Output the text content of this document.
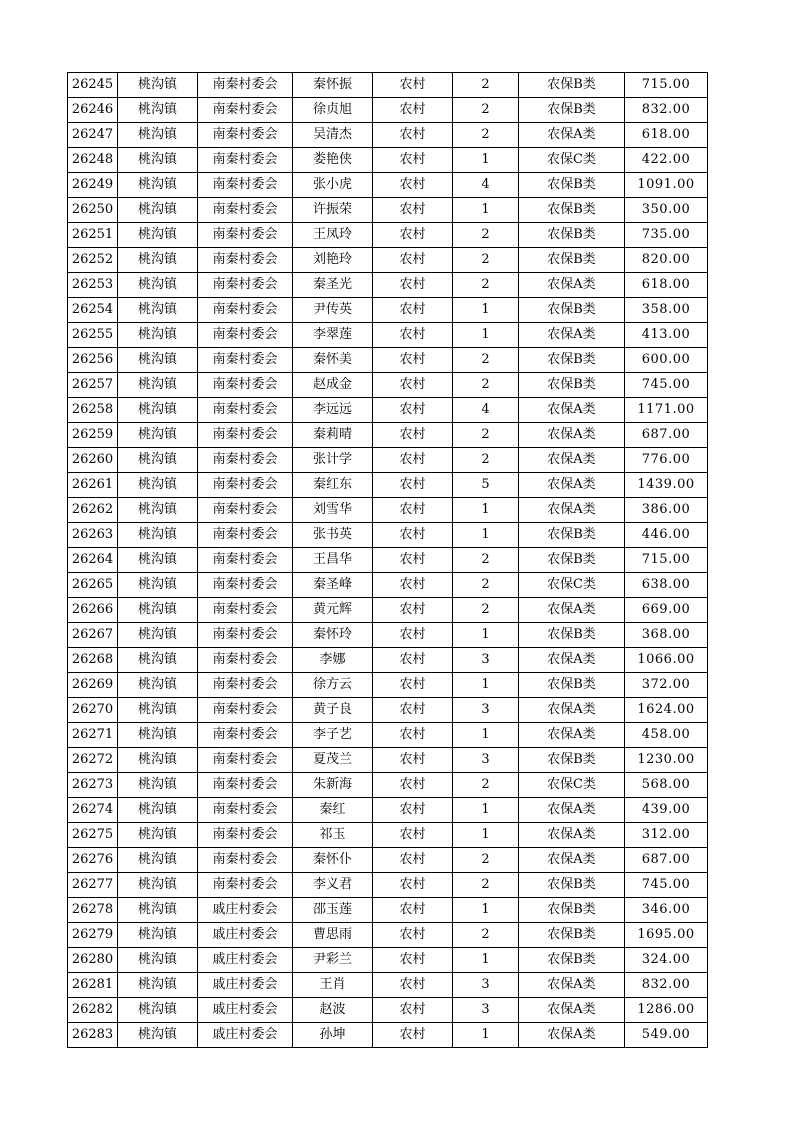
26245	桃沟镇	南秦村委会	秦怀振	农村	2	农保B类	715.00
26246	桃沟镇	南秦村委会	徐贞旭	农村	2	农保B类	832.00
26247	桃沟镇	南秦村委会	吴清杰	农村	2	农保A类	618.00
26248	桃沟镇	南秦村委会	娄艳侠	农村	1	农保C类	422.00
26249	桃沟镇	南秦村委会	张小虎	农村	4	农保B类	1091.00
26250	桃沟镇	南秦村委会	许振荣	农村	1	农保B类	350.00
26251	桃沟镇	南秦村委会	王凤玲	农村	2	农保B类	735.00
26252	桃沟镇	南秦村委会	刘艳玲	农村	2	农保B类	820.00
26253	桃沟镇	南秦村委会	秦圣光	农村	2	农保A类	618.00
26254	桃沟镇	南秦村委会	尹传英	农村	1	农保B类	358.00
26255	桃沟镇	南秦村委会	李翠莲	农村	1	农保A类	413.00
26256	桃沟镇	南秦村委会	秦怀美	农村	2	农保B类	600.00
26257	桃沟镇	南秦村委会	赵成金	农村	2	农保B类	745.00
26258	桃沟镇	南秦村委会	李远远	农村	4	农保A类	1171.00
26259	桃沟镇	南秦村委会	秦莉晴	农村	2	农保A类	687.00
26260	桃沟镇	南秦村委会	张计学	农村	2	农保A类	776.00
26261	桃沟镇	南秦村委会	秦红东	农村	5	农保A类	1439.00
26262	桃沟镇	南秦村委会	刘雪华	农村	1	农保A类	386.00
26263	桃沟镇	南秦村委会	张书英	农村	1	农保B类	446.00
26264	桃沟镇	南秦村委会	王昌华	农村	2	农保B类	715.00
26265	桃沟镇	南秦村委会	秦圣峰	农村	2	农保C类	638.00
26266	桃沟镇	南秦村委会	黄元辉	农村	2	农保A类	669.00
26267	桃沟镇	南秦村委会	秦怀玲	农村	1	农保B类	368.00
26268	桃沟镇	南秦村委会	李娜	农村	3	农保A类	1066.00
26269	桃沟镇	南秦村委会	徐方云	农村	1	农保B类	372.00
26270	桃沟镇	南秦村委会	黄子良	农村	3	农保A类	1624.00
26271	桃沟镇	南秦村委会	李子艺	农村	1	农保A类	458.00
26272	桃沟镇	南秦村委会	夏茂兰	农村	3	农保B类	1230.00
26273	桃沟镇	南秦村委会	朱新海	农村	2	农保C类	568.00
26274	桃沟镇	南秦村委会	秦红	农村	1	农保A类	439.00
26275	桃沟镇	南秦村委会	祁玉	农村	1	农保A类	312.00
26276	桃沟镇	南秦村委会	秦怀仆	农村	2	农保A类	687.00
26277	桃沟镇	南秦村委会	李义君	农村	2	农保B类	745.00
26278	桃沟镇	戚庄村委会	邵玉莲	农村	1	农保B类	346.00
26279	桃沟镇	戚庄村委会	曹思雨	农村	2	农保B类	1695.00
26280	桃沟镇	戚庄村委会	尹彩兰	农村	1	农保B类	324.00
26281	桃沟镇	戚庄村委会	王肖	农村	3	农保A类	832.00
26282	桃沟镇	戚庄村委会	赵波	农村	3	农保A类	1286.00
26283	桃沟镇	戚庄村委会	孙坤	农村	1	农保A类	549.00
